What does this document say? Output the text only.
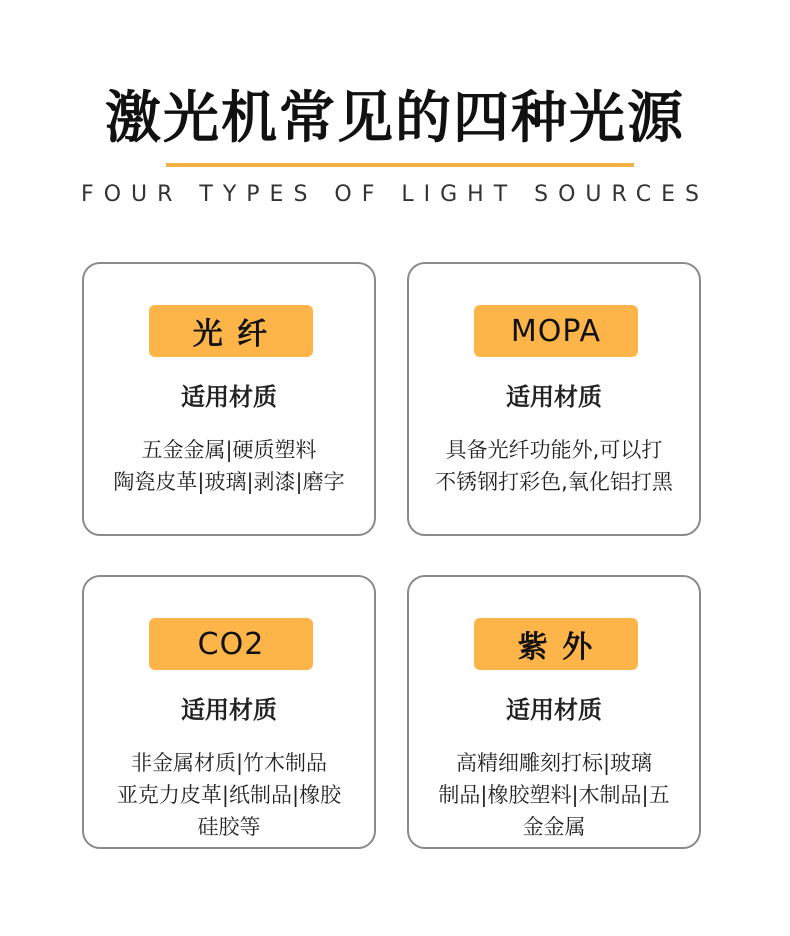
激光机常见的四种光源
FOUR TYPES OF LIGHT SOURCES
光 纤
适用材质
五金金属|硬质塑料
陶瓷皮革|玻璃|剥漆|磨字
MOPA
适用材质
具备光纤功能外,可以打
不锈钢打彩色,氧化铝打黑
CO2
适用材质
非金属材质|竹木制品
亚克力皮革|纸制品|橡胶
硅胶等
紫 外
适用材质
高精细雕刻打标|玻璃
制品|橡胶塑料|木制品|五
金金属
